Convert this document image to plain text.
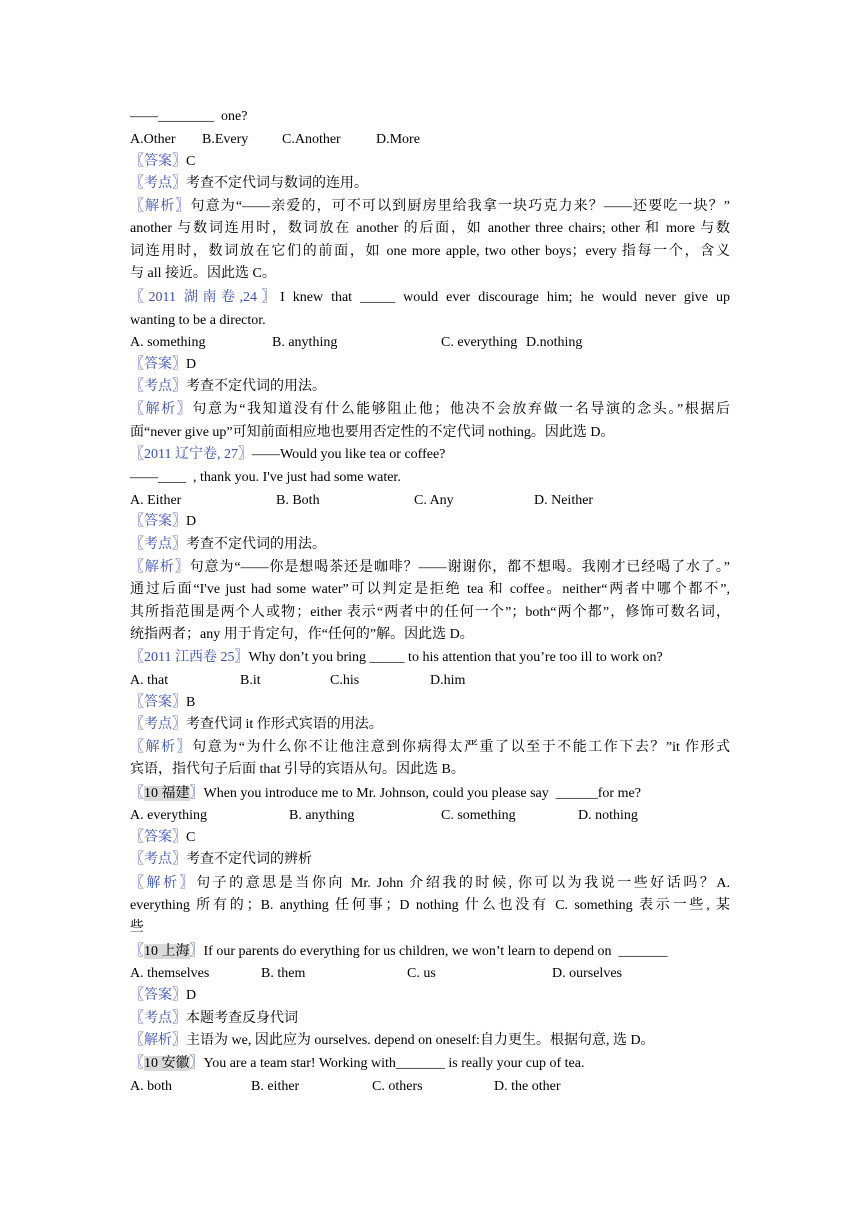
——________  one?
A.Other	B.Every	C.Another	D.More
〖答案〗C
〖考点〗考查不定代词与数词的连用。
〖解析〗句意为“——亲爱的，可不可以到厨房里给我拿一块巧克力来？——还要吃一块？”
another 与数词连用时，数词放在 another 的后面，如 another three chairs; other 和 more 与数
词连用时，数词放在它们的前面，如 one more apple, two other boys；every 指每一个，含义
与 all 接近。因此选 C。
〖2011 湖南卷,24〗I knew that _____ would ever discourage him; he would never give up
wanting to be a director.
A. something	B. anything	C. everything D.nothing
〖答案〗D
〖考点〗考查不定代词的用法。
〖解析〗句意为“我知道没有什么能够阻止他；他决不会放弃做一名导演的念头。”根据后
面“never give up”可知前面相应地也要用否定性的不定代词 nothing。因此选 D。
〖2011 辽宁卷, 27〗——Would you like tea or coffee?
——____  , thank you. I've just had some water.
A. Either	B. Both	C. Any	D. Neither
〖答案〗D
〖考点〗考查不定代词的用法。
〖解析〗句意为“——你是想喝茶还是咖啡？——谢谢你，都不想喝。我刚才已经喝了水了。”
通过后面“I've just had some water”可以判定是拒绝 tea 和 coffee。neither“两者中哪个都不”,
其所指范围是两个人或物；either 表示“两者中的任何一个”；both“两个都”，修饰可数名词，
统指两者；any 用于肯定句，作“任何的”解。因此选 D。
〖2011 江西卷 25〗Why don’t you bring _____ to his attention that you’re too ill to work on?
A. that	B.it	C.his	D.him
〖答案〗B
〖考点〗考查代词 it 作形式宾语的用法。
〖解析〗句意为“为什么你不让他注意到你病得太严重了以至于不能工作下去？”it 作形式
宾语，指代句子后面 that 引导的宾语从句。因此选 B。
〖10 福建〗When you introduce me to Mr. Johnson, could you please say  ______for me?
A. everything	B. anything	C. something	D. nothing
〖答案〗C
〖考点〗考查不定代词的辨析
〖解析〗句子的意思是当你向 Mr. John 介绍我的时候, 你可以为我说一些好话吗？A.
everything 所有的；B. anything 任何事；D nothing 什么也没有 C. something 表示一些, 某
些
〖10 上海〗If our parents do everything for us children, we won’t learn to depend on  _______
A. themselves	B. them	C. us	D. ourselves
〖答案〗D
〖考点〗本题考查反身代词
〖解析〗主语为 we, 因此应为 ourselves. depend on oneself:自力更生。根据句意, 选 D。
〖10 安徽〗You are a team star! Working with_______ is really your cup of tea.
A. both	B. either	C. others	D. the other
